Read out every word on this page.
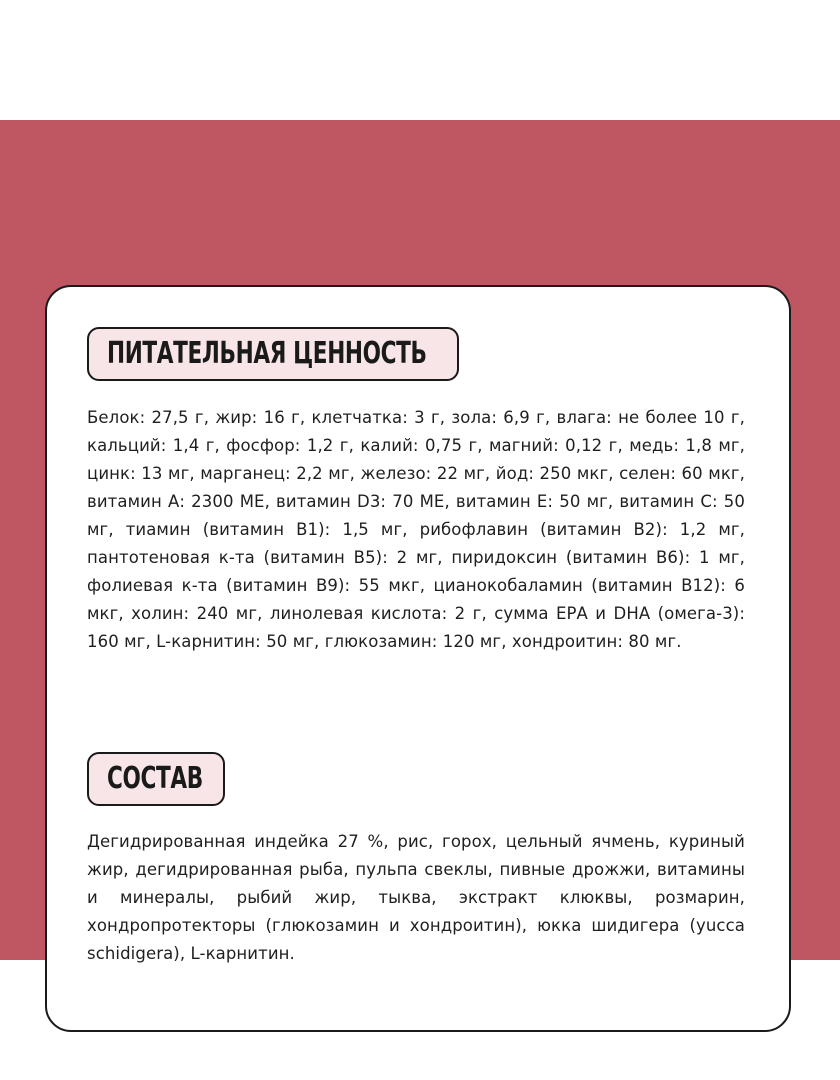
ПИТАТЕЛЬНАЯ ЦЕННОСТЬ
Белок: 27,5 г, жир: 16 г, клетчатка: 3 г, зола: 6,9 г, влага: не более 10 г, кальций: 1,4 г, фосфор: 1,2 г, калий: 0,75 г, магний: 0,12 г, медь: 1,8 мг, цинк: 13 мг, марганец: 2,2 мг, железо: 22 мг, йод: 250 мкг, селен: 60 мкг, витамин А: 2300 МЕ, витамин D3: 70 МЕ, витамин Е: 50 мг, витамин С: 50 мг, тиамин (витамин В1): 1,5 мг, рибофлавин (витамин В2): 1,2 мг, пантотеновая к-та (витамин В5): 2 мг, пиридоксин (витамин В6): 1 мг, фолиевая к-та (витамин В9): 55 мкг, цианокобаламин (витамин В12): 6 мкг, холин: 240 мг, линолевая кислота: 2 г, сумма ЕРА и DHA (омега-3): 160 мг, L-карнитин: 50 мг, глюкозамин: 120 мг, хондроитин: 80 мг.
СОСТАВ
Дегидрированная индейка 27 %, рис, горох, цельный ячмень, куриный жир, дегидрированная рыба, пульпа свеклы, пивные дрожжи, витамины и минералы, рыбий жир, тыква, экстракт клюквы, розмарин, хондропротекторы (глюкозамин и хондроитин), юкка шидигера (yucca schidigera), L-карнитин.
